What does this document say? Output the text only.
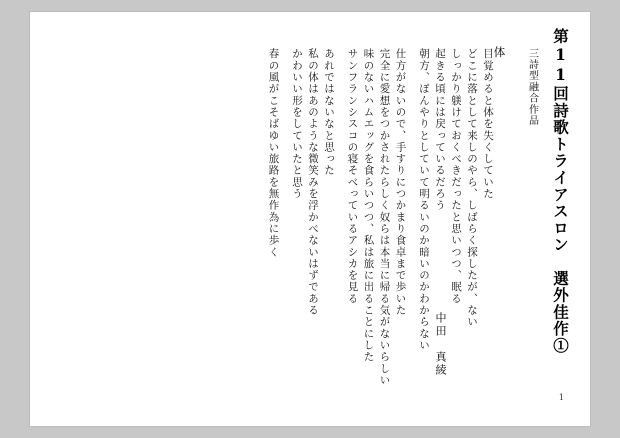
第11回詩歌トライアスロン　選外佳作①
三詩型融合作品
体
目覚めると体を失くしていた
どこに落として来しのやら、しばらく探したが、ない
しっかり躾けておくべきだったと思いつつ、眠る
起きる頃には戻っているだろう
朝方、ぼんやりとしていて明るいのか暗いのかわからない
仕方がないので、手すりにつかまり食卓まで歩いた
完全に愛想をつかされたらしく奴らは本当に帰る気がないらしい
味のないハムエッグを食らいつつ、私は旅に出ることにした
サンフランシスコの寝そべっているアシカを見る
あれではないなと思った
私の体はあのような微笑みを浮かべないはずである
かわいい形をしていたと思う
春の風がこそばゆい旅路を無作為に歩く
中田　真綾
1
